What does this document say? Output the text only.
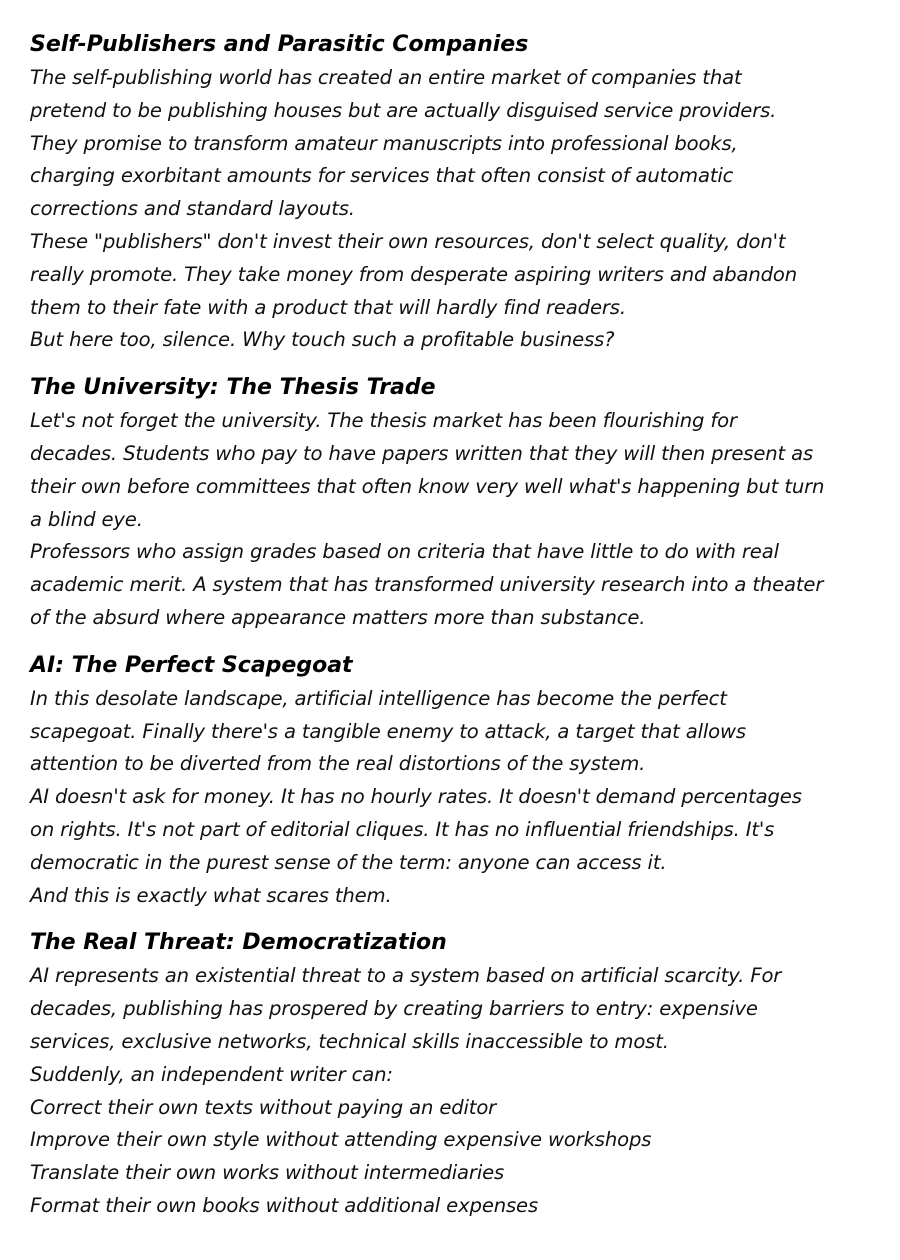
Self-Publishers and Parasitic Companies
The self-publishing world has created an entire market of companies that
pretend to be publishing houses but are actually disguised service providers.
They promise to transform amateur manuscripts into professional books,
charging exorbitant amounts for services that often consist of automatic
corrections and standard layouts.
These "publishers" don't invest their own resources, don't select quality, don't
really promote. They take money from desperate aspiring writers and abandon
them to their fate with a product that will hardly find readers.
But here too, silence. Why touch such a profitable business?
The University: The Thesis Trade
Let's not forget the university. The thesis market has been flourishing for
decades. Students who pay to have papers written that they will then present as
their own before committees that often know very well what's happening but turn
a blind eye.
Professors who assign grades based on criteria that have little to do with real
academic merit. A system that has transformed university research into a theater
of the absurd where appearance matters more than substance.
AI: The Perfect Scapegoat
In this desolate landscape, artificial intelligence has become the perfect
scapegoat. Finally there's a tangible enemy to attack, a target that allows
attention to be diverted from the real distortions of the system.
AI doesn't ask for money. It has no hourly rates. It doesn't demand percentages
on rights. It's not part of editorial cliques. It has no influential friendships. It's
democratic in the purest sense of the term: anyone can access it.
And this is exactly what scares them.
The Real Threat: Democratization
AI represents an existential threat to a system based on artificial scarcity. For
decades, publishing has prospered by creating barriers to entry: expensive
services, exclusive networks, technical skills inaccessible to most.
Suddenly, an independent writer can:
Correct their own texts without paying an editor
Improve their own style without attending expensive workshops
Translate their own works without intermediaries
Format their own books without additional expenses
